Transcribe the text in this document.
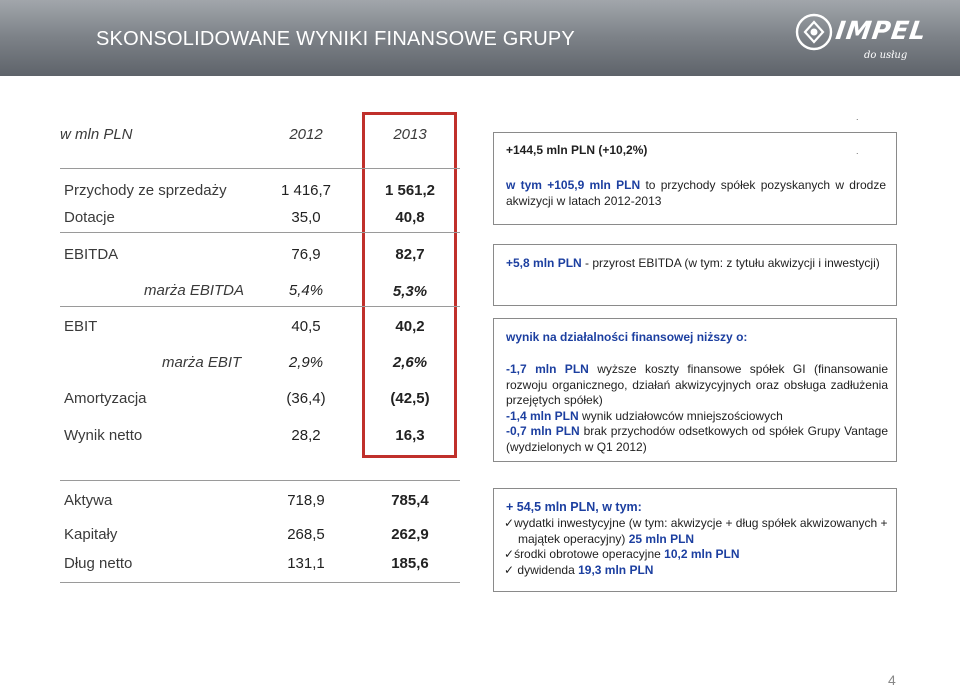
SKONSOLIDOWANE WYNIKI FINANSOWE GRUPY	IMPEL
do usług
w mln PLN	2012	2013
Przychody ze sprzedaży	1 416,7	1 561,2
Dotacje	35,0	40,8
EBITDA	76,9	82,7
marża EBITDA	5,4%	5,3%
EBIT	40,5	40,2
marża EBIT	2,9%	2,6%
Amortyzacja	(36,4)	(42,5)
Wynik netto	28,2	16,3
Aktywa	718,9	785,4
Kapitały	268,5	262,9
Dług netto	131,1	185,6
+144,5 mln PLN (+10,2%)
w tym +105,9 mln PLN to przychody spółek pozyskanych w drodze akwizycji w latach 2012-2013
+5,8 mln PLN - przyrost EBITDA (w tym: z tytułu akwizycji i inwestycji)
wynik na działalności finansowej niższy o:
-1,7 mln PLN wyższe koszty finansowe spółek GI (finansowanie rozwoju organicznego, działań akwizycyjnych oraz obsługa zadłużenia przejętych spółek)
-1,4 mln PLN wynik udziałowców mniejszościowych
-0,7 mln PLN brak przychodów odsetkowych od spółek Grupy Vantage (wydzielonych w Q1 2012)
+ 54,5 mln PLN, w tym:
✓wydatki inwestycyjne (w tym: akwizycje + dług spółek akwizowanych + majątek operacyjny) 25 mln PLN
✓środki obrotowe operacyjne 10,2 mln PLN
✓ dywidenda 19,3 mln PLN
.
.
4
